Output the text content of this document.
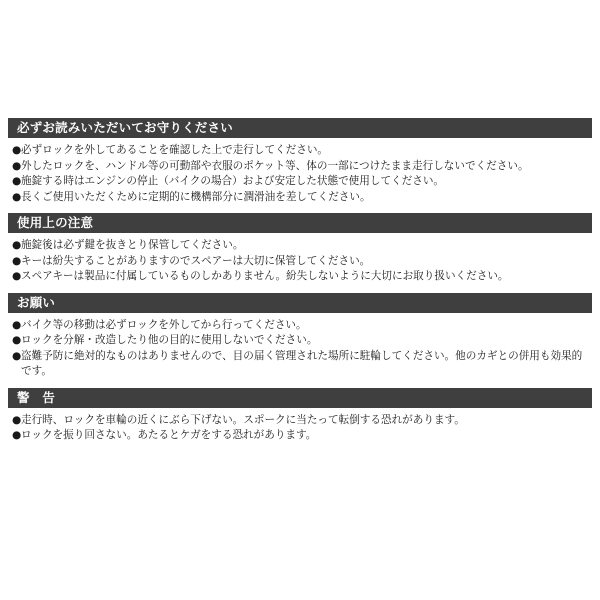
必ずお読みいただいてお守りください
● 必ずロックを外してあることを確認した上で走行してください。
● 外したロックを、ハンドル等の可動部や衣服のポケット等、体の一部につけたまま走行しないでください。
● 施錠する時はエンジンの停止（バイクの場合）および安定した状態で使用してください。
● 長くご使用いただくために定期的に機構部分に潤滑油を差してください。
使用上の注意
● 施錠後は必ず鍵を抜きとり保管してください。
● キーは紛失することがありますのでスペアーは大切に保管してください。
● スペアキーは製品に付属しているものしかありません。紛失しないように大切にお取り扱いください。
お願い
● バイク等の移動は必ずロックを外してから行ってください。
● ロックを分解・改造したり他の目的に使用しないでください。
● 盗難予防に絶対的なものはありませんので、目の届く管理された場所に駐輪してください。他のカギとの併用も効果的です。
警　告
● 走行時、ロックを車輪の近くにぶら下げない。スポークに当たって転倒する恐れがあります。
● ロックを振り回さない。あたるとケガをする恐れがあります。
